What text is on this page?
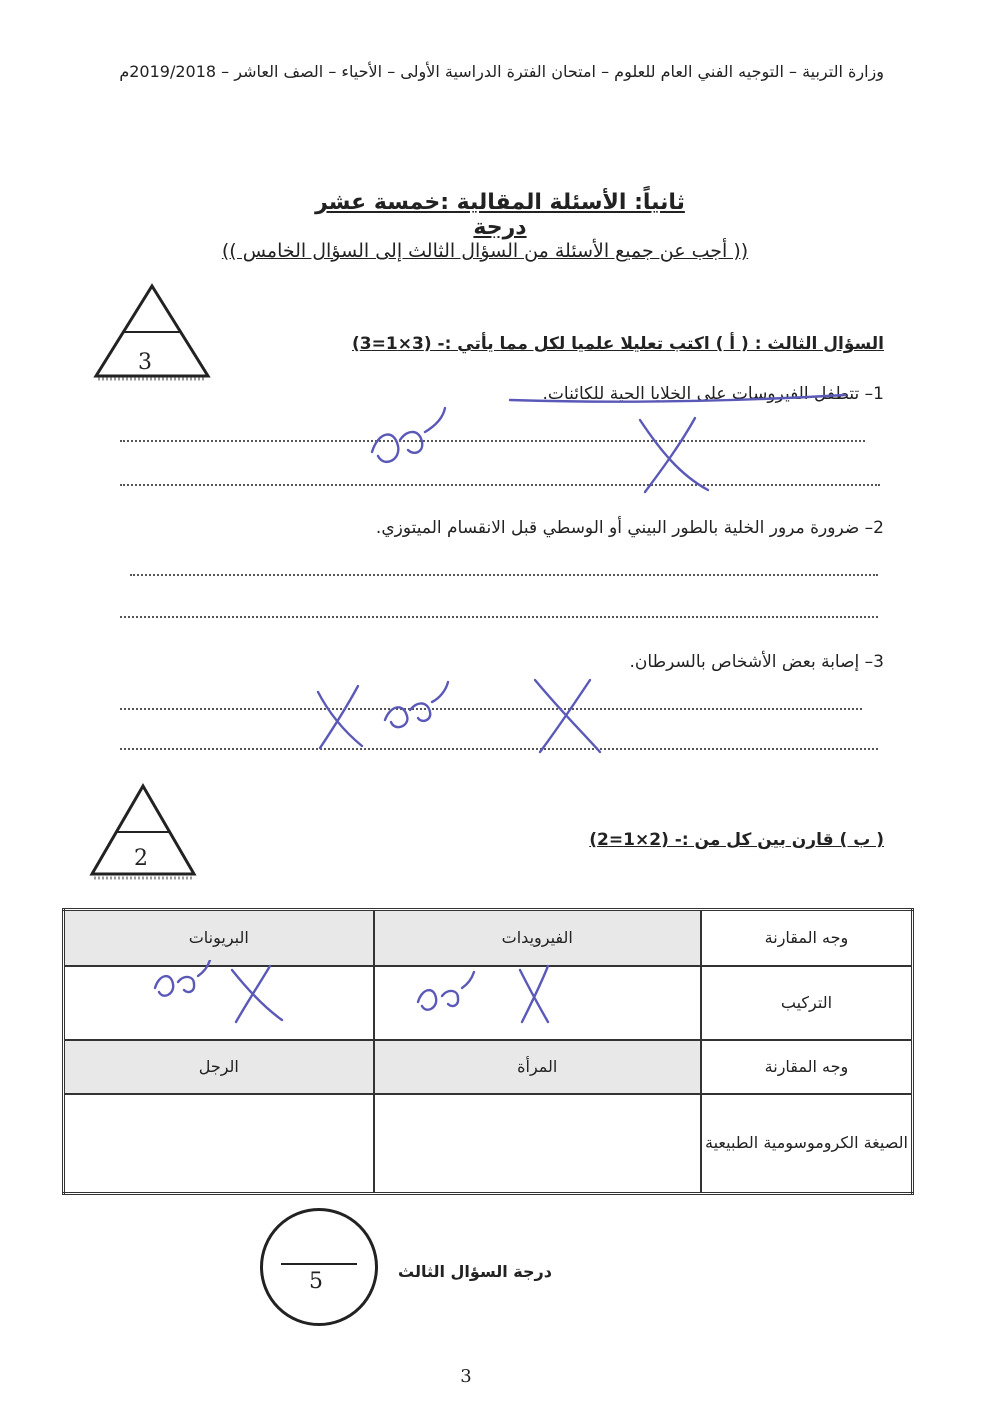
وزارة التربية – التوجيه الفني العام للعلوم – امتحان الفترة الدراسية الأولى – الأحياء – الصف العاشر – 2019/2018م
ثانياً: الأسئلة المقالية :خمسة عشر درجة
(( أجب عن جميع الأسئلة من السؤال الثالث إلى السؤال الخامس ))
3
السؤال الثالث : ( أ ) اكتب تعليلا علميا لكل مما يأتي :- (3×1=3)
1– تتطفل الفيروسات على الخلايا الحية للكائنات.
2– ضرورة مرور الخلية بالطور البيني أو الوسطي قبل الانقسام الميتوزي.
3– إصابة بعض الأشخاص بالسرطان.
2
( ب ) قارن بين كل من :- (2×1=2)
وجه المقارنة	الفيرويدات	البريونات
التركيب		
وجه المقارنة	المرأة	الرجل
الصيغة الكروموسومية الطبيعية		
5	درجة السؤال الثالث
3
